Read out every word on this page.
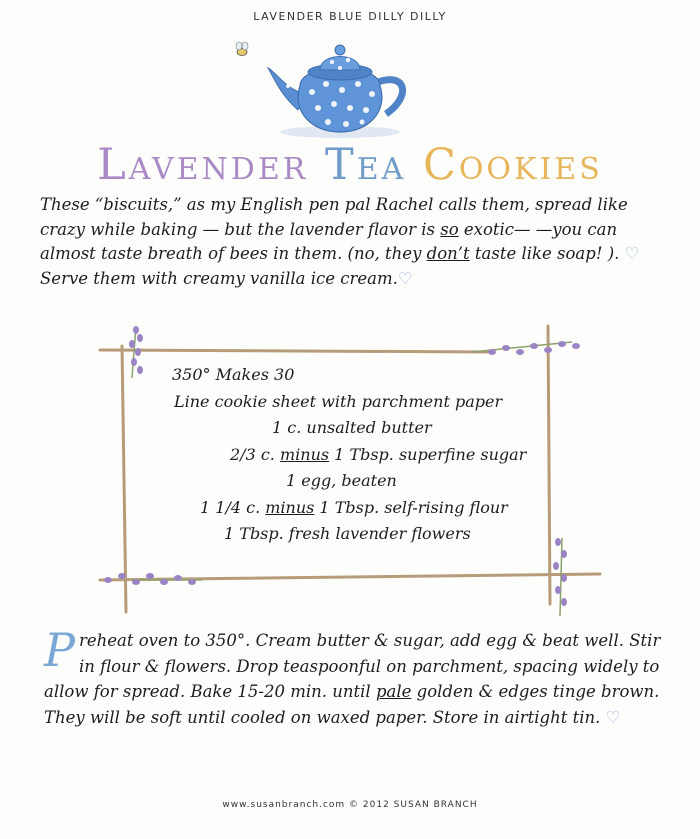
LAVENDER BLUE DILLY DILLY
Lavender Tea Cookies
These “biscuits,” as my English pen pal Rachel calls them, spread like crazy while baking — but the lavender flavor is so exotic— —you can almost taste breath of bees in them. (no, they don’t taste like soap! ). ♡ Serve them with creamy vanilla ice cream.♡
350° Makes 30
Line cookie sheet with parchment paper
1 c. unsalted butter
2/3 c. minus 1 Tbsp. superfine sugar
1 egg, beaten
1 1/4 c. minus 1 Tbsp. self-rising flour
1 Tbsp. fresh lavender flowers
Preheat oven to 350°. Cream butter & sugar, add egg & beat well. Stir in flour & flowers. Drop teaspoonful on parchment, spacing widely to allow for spread. Bake 15-20 min. until pale golden & edges tinge brown. They will be soft until cooled on waxed paper. Store in airtight tin. ♡
www.susanbranch.com © 2012 SUSAN BRANCH
